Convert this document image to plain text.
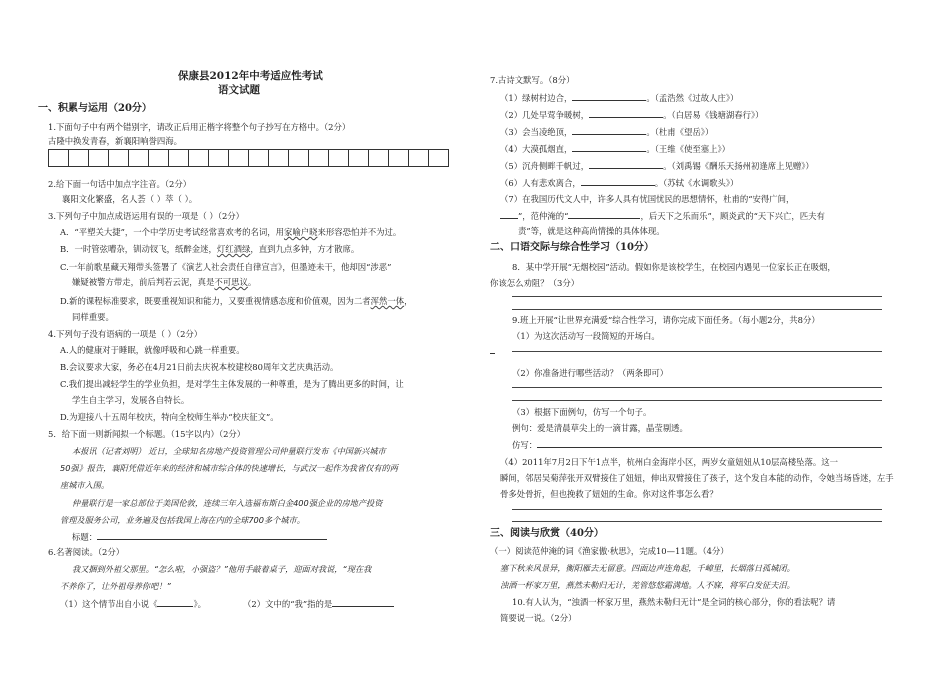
保康县2012年中考适应性考试
语文试题
一、积累与运用（20分）
1.下面句子中有两个错别字，请改正后用正楷字将整个句子抄写在方格中。（2分）
古隆中换发青春，新襄阳响誉四海。
2.给下面一句话中加点字注音。（2分）
襄阳文化繁盛，名人荟（ ）萃（ ）。
3.下列句子中加点成语运用有误的一项是（ ）（2分）
A．“平塑关大捷”，一个中学历史考试经常喜欢考的名词，用家喻户晓来形容恐怕并不为过。
B．一时管弦嘈杂，钏动钗飞，纸醉金迷，灯红酒绿，直到九点多钟，方才散席。
C.一年前歌星藏天翔带头签署了《演艺人社会责任自律宣言》，但墨迹未干，他却因“涉恶”
嫌疑被警方带走，前后判若云泥，真是不可思议。
D.新的课程标准要求，既要重视知识和能力，又要重视情感态度和价值观，因为二者浑然一体，
同样重要。
4.下列句子没有语病的一项是（ ）（2分）
A.人的健康对于睡眠，就像呼吸和心跳一样重要。
B.会议要求大家，务必在4月21日前去庆祝本校建校80周年文艺庆典活动。
C.我们提出减轻学生的学业负担，是对学生主体发展的一种尊重，是为了腾出更多的时间，让
学生自主学习，发展各自特长。
D.为迎接八十五周年校庆，特向全校师生举办“校庆征文”。
5．给下面一则新闻拟一个标题。（15字以内）（2分）
本报讯（记者刘明） 近日，全球知名房地产投资管理公司仲量联行发布《中国新兴城市
50强》报告，襄阳凭借近年来的经济和城市综合体的快速增长，与武汉一起作为我省仅有的两
座城市入围。
仲量联行是一家总部位于美国伦敦，连续三年入选福布斯白金400强企业的房地产投资
管理及服务公司，业务遍及包括我国上海在内的全球700多个城市。
标题：
6.名著阅读。（2分）
我又捆到外祖父那里。“怎么啦，小强盗？”他用手敲着桌子，迎面对我说，“现在我
不养你了，让外祖母养你吧！”
（1）这个情节出自小说《	》。	（2）文中的“我”指的是
7.古诗文默写。（8分）
（1）绿树村边合，	。（孟浩然《过故人庄》）
（2）几处早莺争暖树，	。（白居易《钱塘湖春行》）
（3）会当凌绝顶，	。（杜甫《望岳》）
（4）大漠孤烟直，	。（王维《使至塞上》）
（5）沉舟侧畔千帆过，	。（刘禹锡《酬乐天扬州初逢席上见赠》）
（6）人有悲欢离合，	。（苏轼《水调歌头》）
（7）在我国历代文人中，许多人具有忧国忧民的思想情怀，杜甫的“安得广间，
”，范仲淹的“	，后天下之乐而乐”，顾炎武的“天下兴亡，匹夫有
责”等，就是这种高尚情操的具体体现。
二、口语交际与综合性学习（10分）
8．某中学开展“无烟校园”活动。假如你是该校学生，在校园内遇见一位家长正在吸烟，
你该怎么劝阻？（3分）
9.班上开展“让世界充满爱”综合性学习，请你完成下面任务。（每小题2分，共8分）
（1）为这次活动写一段简短的开场白。
（2）你准备进行哪些活动？（两条即可）
（3）根据下面例句，仿写一个句子。
例句：爱是清晨草尖上的一滴甘露，晶莹剔透。
仿写：
（4）2011年7月2日下午1点半，杭州白金海岸小区，两岁女童妞妞从10层高楼坠落。这一
瞬间，邻居吴菊萍张开双臂接住了妞妞，伸出双臂接住了孩子，这个发自本能的动作，令她当场昏迷，左手
骨多处骨折，但也挽救了妞妞的生命。你对这件事怎么看？
三、阅读与欣赏（40分）
（一）阅读范仲淹的词《渔家傲·秋思》，完成10—11题。（4分）
塞下秋来风景异，衡阳雁去无留意。四面边声连角起，千嶂里，长烟落日孤城闭。
浊酒一杯家万里，燕然未勒归无计，羌管悠悠霜满地。人不寐，将军白发征夫泪。
10.有人认为，“浊酒一杯家万里，燕然未勒归无计”是全词的核心部分，你的看法呢？请
简要说一说。（2分）
